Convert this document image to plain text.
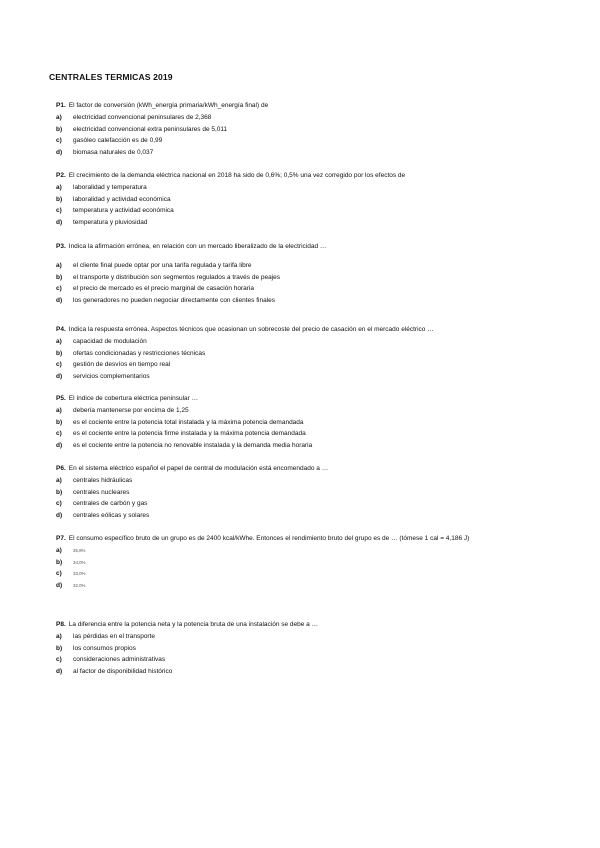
CENTRALES TERMICAS 2019

P1. El factor de conversión (kWh_energía primaria/kWh_energía final) de

a) electricidad convencional peninsulares de 2,368
b) electricidad convencional extra peninsulares de 5,011
c) gasóleo calefacción es de 0,99
d) biomasa naturales de 0,037

P2. El crecimiento de la demanda eléctrica nacional en 2018 ha sido de 0,6%; 0,5% una vez corregido por los efectos de

a) laboralidad y temperatura
b) laboralidad y actividad económica
c) temperatura y actividad económica
d) temperatura y pluviosidad

P3. Indica la afirmación errónea, en relación con un mercado liberalizado de la electricidad …

a) el cliente final puede optar por una tarifa regulada y tarifa libre
b) el transporte y distribución son segmentos regulados a través de peajes
c) el precio de mercado es el precio marginal de casación horaria
d) los generadores no pueden negociar directamente con clientes finales

P4. Indica la respuesta errónea. Aspectos técnicos que ocasionan un sobrecoste del precio de casación en el mercado eléctrico …

a) capacidad de modulación
b) ofertas condicionadas y restricciones técnicas
c) gestión de desvíos en tiempo real
d) servicios complementarios

P5. El índice de cobertura eléctrica peninsular …

a) debería mantenerse por encima de 1,25
b) es el cociente entre la potencia total instalada y la máxima potencia demandada
c) es el cociente entre la potencia firme instalada y la máxima potencia demandada
d) es el cociente entre la potencia no renovable instalada y la demanda media horaria

P6. En el sistema eléctrico español el papel de central de modulación está encomendado a …

a) centrales hidráulicas
b) centrales nucleares
c) centrales de carbón y gas
d) centrales eólicas y solares

P7. El consumo específico bruto de un grupo es de 2400 kcal/kWhe. Entonces el rendimiento bruto del grupo es de … (tómese 1 cal = 4,186 J)

a)	35,8%
b) 34,0%
c)	33,0%
d) 32,0%

P8. La diferencia entre la potencia neta y la potencia bruta de una instalación se debe a …

a) las pérdidas en el transporte
b) los consumos propios
c) consideraciones administrativas
d) al factor de disponibilidad histórico
